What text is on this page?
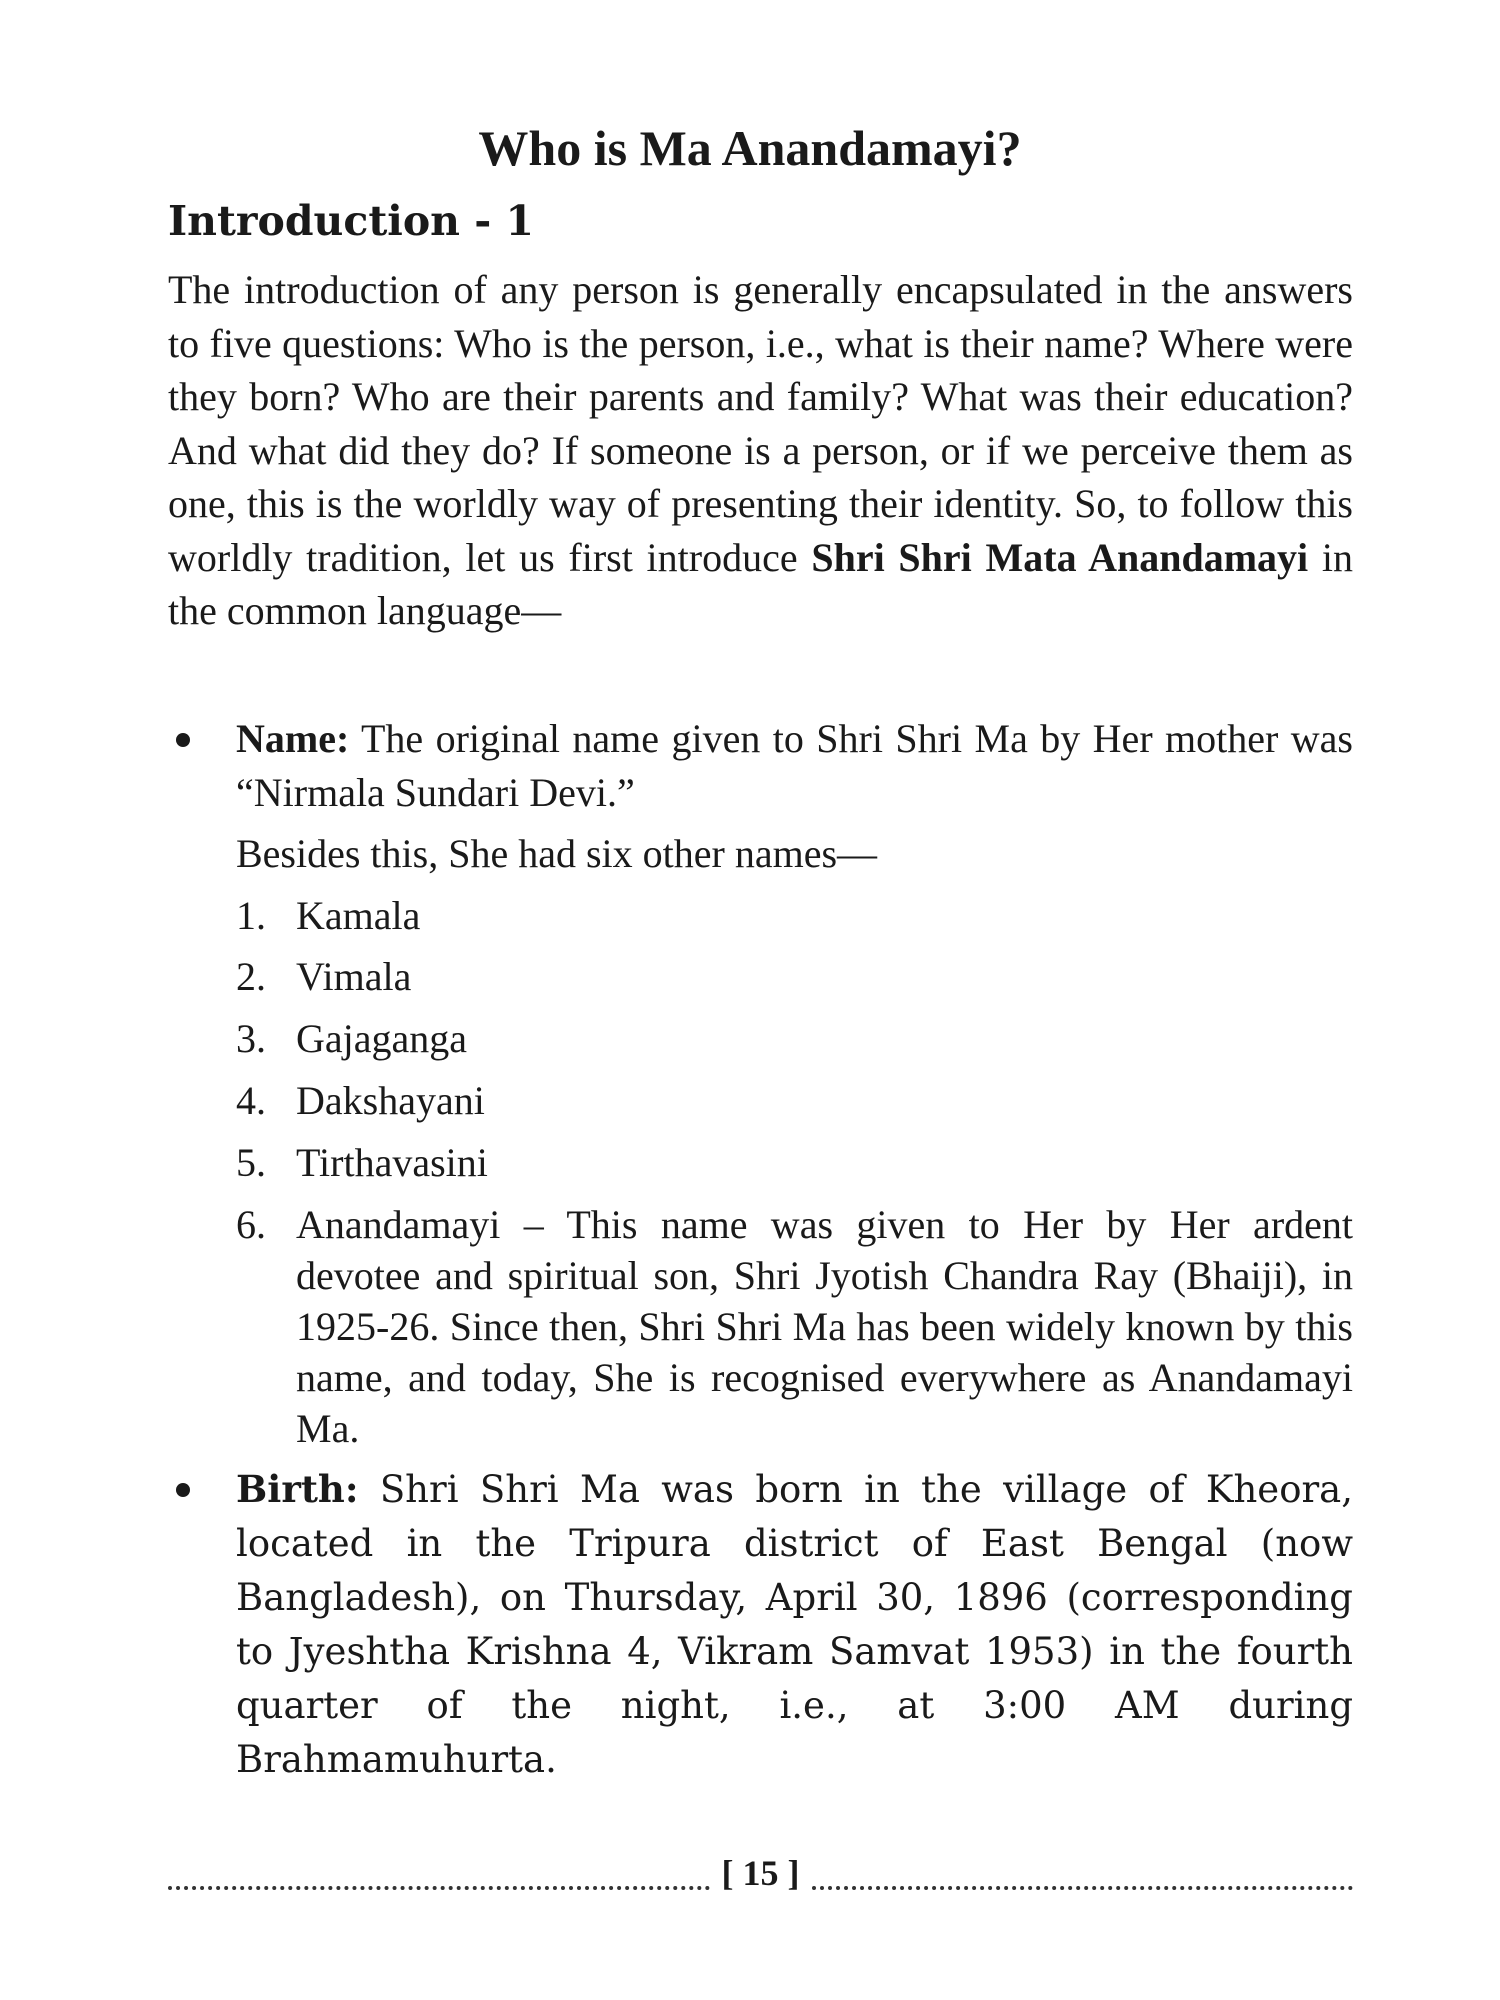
Who is Ma Anandamayi?
Introduction - 1

The introduction of any person is generally encapsulated in the answers to five questions: Who is the person, i.e., what is their name? Where were they born? Who are their parents and family? What was their education? And what did they do? If someone is a person, or if we perceive them as one, this is the worldly way of presenting their identity. So, to follow this worldly tradition, let us first introduce Shri Shri Mata Anandamayi in the common language—

Name: The original name given to Shri Shri Ma by Her mother was “Nirmala Sundari Devi.”

Besides this, She had six other names—
1. Kamala
2. Vimala
3. Gajaganga
4. Dakshayani
5. Tirthavasini
6. Anandamayi – This name was given to Her by Her ardent devotee and spiritual son, Shri Jyotish Chandra Ray (Bhaiji), in 1925-26. Since then, Shri Shri Ma has been widely known by this name, and today, She is recognised everywhere as Anandamayi Ma.

Birth: Shri Shri Ma was born in the village of Kheora, located in the Tripura district of East Bengal (now Bangladesh), on Thursday, April 30, 1896 (corresponding to Jyeshtha Krishna 4, Vikram Samvat 1953) in the fourth quarter of the night, i.e., at 3:00 AM during Brahmamuhurta.

[ 15 ]
